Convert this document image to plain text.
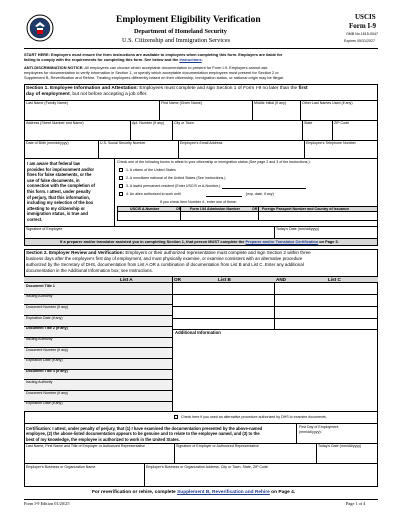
Employment Eligibility Verification
Department of Homeland Security
U.S. Citizenship and Immigration Services
USCIS
Form I-9
OMB No.1615-0047
Expires 05/31/2027
START HERE: Employers must ensure the form instructions are available to employees when completing this form. Employers are liable for
failing to comply with the requirements for completing this form. See below and the Instructions.
ANTI-DISCRIMINATION NOTICE: All employees can choose which acceptable documentation to present for Form I-9. Employers cannot ask
employees for documentation to verify information in Section 1, or specify which acceptable documentation employees must present for Section 2 or
Supplement B, Reverification and Rehire. Treating employees differently based on their citizenship, immigration status, or national origin may be illegal.
Section 1. Employee Information and Attestation: Employees must complete and sign Section 1 of Form I-9 no later than the first
day of employment, but not before accepting a job offer.
Last Name (Family Name)	First Name (Given Name)	Middle Initial (if any)	Other Last Names Used (if any)
Address (Street Number and Name)	Apt. Number (if any)	City or Town	State	ZIP Code
Date of Birth (mm/dd/yyyy)	U.S. Social Security Number	Employee's Email Address	Employee's Telephone Number
I am aware that federal law
provides for imprisonment and/or
fines for false statements, or the
use of false documents, in
connection with the completion of
this form. I attest, under penalty
of perjury, that this information,
including my selection of the box
attesting to my citizenship or
immigration status, is true and
correct.
Check one of the following boxes to attest to your citizenship or immigration status (See page 2 and 3 of the instructions.):
1. A citizen of the United States
2. A noncitizen national of the United States (See Instructions.)
3. A lawful permanent resident (Enter USCIS or A-Number.)
4. An alien authorized to work until	(exp. date, if any)
If you check Item Number 4., enter one of these:
USCIS A-Number	OR Form I-94 Admission Number	OR Foreign Passport Number and Country of Issuance
Signature of Employee	Today's Date (mm/dd/yyyy)
If a preparer and/or translator assisted you in completing Section 1, that person MUST complete the Preparer and/or Translator Certification on Page 3.
Section 2. Employer Review and Verification: Employers or their authorized representative must complete and sign Section 2 within three
business days after the employee's first day of employment, and must physically examine, or examine consistent with an alternative procedure
authorized by the Secretary of DHS, documentation from List A OR a combination of documentation from List B and List C. Enter any additional
documentation in the Additional Information box; see Instructions.
List A	OR	List B	AND	List C
Document Title 1
Issuing Authority
Document Number (if any)
Expiration Date (if any)
Document Title 2 (if any)
Issuing Authority
Document Number (if any)
Expiration Date (if any)
Document Title 3 (if any)
Issuing Authority
Document Number (if any)
Expiration Date (if any)
Additional Information
Check here if you used an alternative procedure authorized by DHS to examine documents.
Certification: I attest, under penalty of perjury, that (1) I have examined the documentation presented by the above-named
employee, (2) the above-listed documentation appears to be genuine and to relate to the employee named, and (3) to the
best of my knowledge, the employee is authorized to work in the United States.
First Day of Employment
(mm/dd/yyyy):
Last Name, First Name and Title of Employer or Authorized Representative	Signature of Employer or Authorized Representative	Today's Date (mm/dd/yyyy)
Employer's Business or Organization Name	Employer's Business or Organization Address, City or Town, State, ZIP Code
For reverification or rehire, complete Supplement B, Reverification and Rehire on Page 4.
Form I-9 Edition 01/20/25	Page 1 of 4
